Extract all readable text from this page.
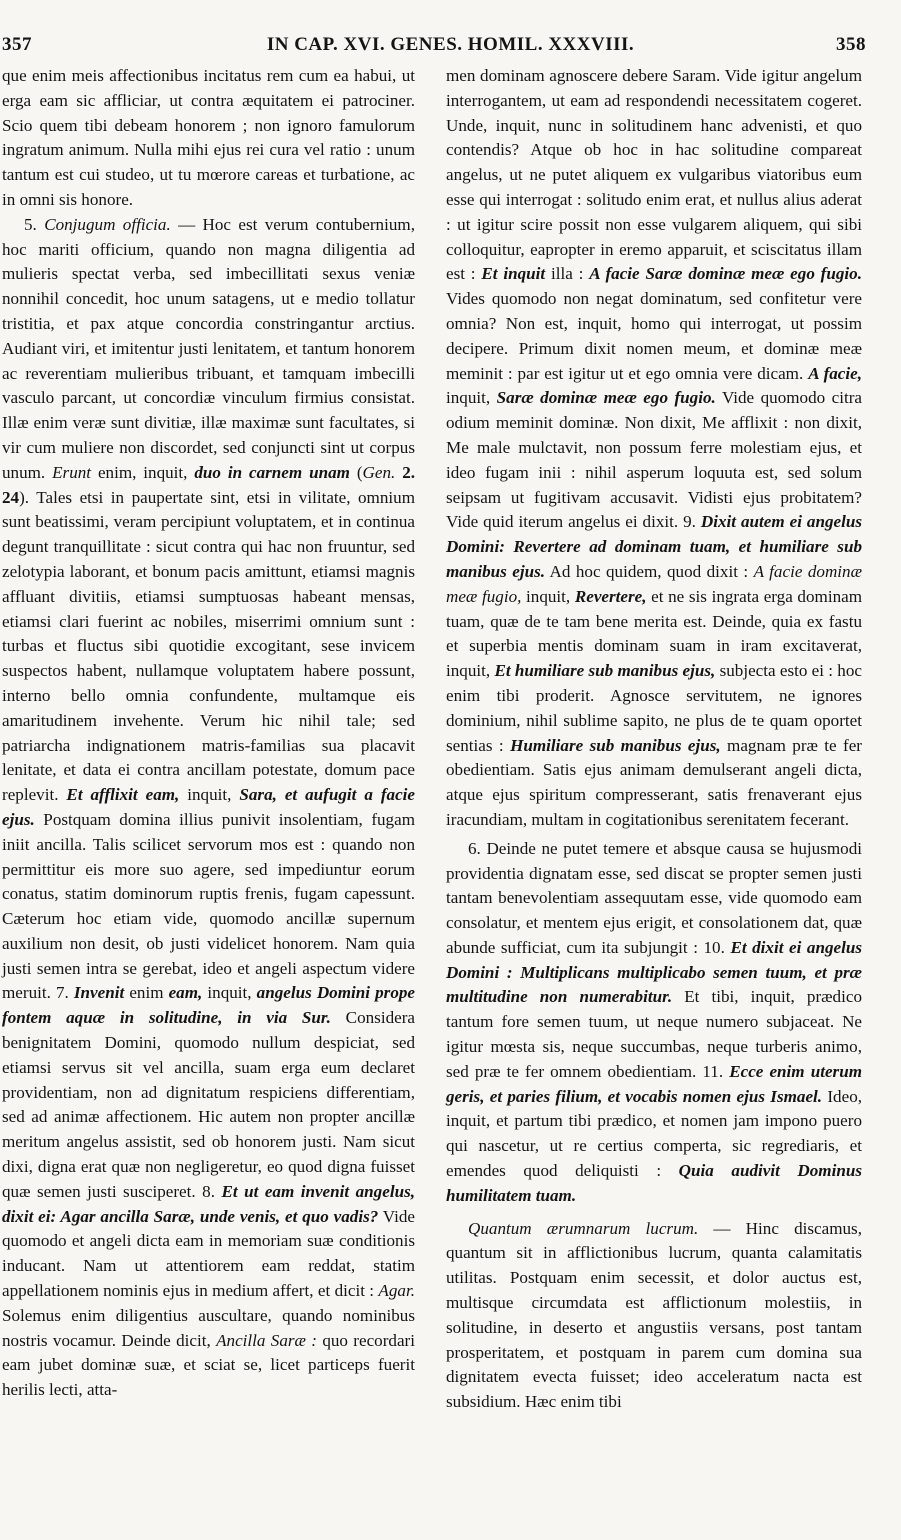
357	IN CAP. XVI. GENES. HOMIL. XXXVIII.	358

que enim meis affectionibus incitatus rem cum ea habui, ut erga eam sic affliciar, ut contra æquitatem ei patrociner. Scio quem tibi debeam honorem ; non ignoro famulorum ingratum animum. Nulla mihi ejus rei cura vel ratio : unum tantum est cui studeo, ut tu mœrore careas et turbatione, ac in omni sis honore.

5. Conjugum officia. — Hoc est verum contubernium, hoc mariti officium, quando non magna diligentia ad mulieris spectat verba, sed imbecillitati sexus veniæ nonnihil concedit, hoc unum satagens, ut e medio tollatur tristitia, et pax atque concordia constringantur arctius. Audiant viri, et imitentur justi lenitatem, et tantum honorem ac reverentiam mulieribus tribuant, et tamquam imbecilli vasculo parcant, ut concordiæ vinculum firmius consistat. Illæ enim veræ sunt divitiæ, illæ maximæ sunt facultates, si vir cum muliere non discordet, sed conjuncti sint ut corpus unum. Erunt enim, inquit, duo in carnem unam (Gen. 2. 24). Tales etsi in paupertate sint, etsi in vilitate, omnium sunt beatissimi, veram percipiunt voluptatem, et in continua degunt tranquillitate : sicut contra qui hac non fruuntur, sed zelotypia laborant, et bonum pacis amittunt, etiamsi magnis affluant divitiis, etiamsi sumptuosas habeant mensas, etiamsi clari fuerint ac nobiles, miserrimi omnium sunt : turbas et fluctus sibi quotidie excogitant, sese invicem suspectos habent, nullamque voluptatem habere possunt, interno bello omnia confundente, multamque eis amaritudinem invehente. Verum hic nihil tale; sed patriarcha indignationem matris-familias sua placavit lenitate, et data ei contra ancillam potestate, domum pace replevit. Et afflixit eam, inquit, Sara, et aufugit a facie ejus. Postquam domina illius punivit insolentiam, fugam iniit ancilla. Talis scilicet servorum mos est : quando non permittitur eis more suo agere, sed impediuntur eorum conatus, statim dominorum ruptis frenis, fugam capessunt. Cæterum hoc etiam vide, quomodo ancillæ supernum auxilium non desit, ob justi videlicet honorem. Nam quia justi semen intra se gerebat, ideo et angeli aspectum videre meruit. 7. Invenit enim eam, inquit, angelus Domini prope fontem aquæ in solitudine, in via Sur. Considera benignitatem Domini, quomodo nullum despiciat, sed etiamsi servus sit vel ancilla, suam erga eum declaret providentiam, non ad dignitatum respiciens differentiam, sed ad animæ affectionem. Hic autem non propter ancillæ meritum angelus assistit, sed ob honorem justi. Nam sicut dixi, digna erat quæ non negligeretur, eo quod digna fuisset quæ semen justi susciperet. 8. Et ut eam invenit angelus, dixit ei: Agar ancilla Saræ, unde venis, et quo vadis? Vide quomodo et angeli dicta eam in memoriam suæ conditionis inducant. Nam ut attentiorem eam reddat, statim appellationem nominis ejus in medium affert, et dicit : Agar. Solemus enim diligentius auscultare, quando nominibus nostris vocamur. Deinde dicit, Ancilla Saræ : quo recordari eam jubet dominæ suæ, et sciat se, licet particeps fuerit herilis lecti, atta-

men dominam agnoscere debere Saram. Vide igitur angelum interrogantem, ut eam ad respondendi necessitatem cogeret. Unde, inquit, nunc in solitudinem hanc advenisti, et quo contendis? Atque ob hoc in hac solitudine compareat angelus, ut ne putet aliquem ex vulgaribus viatoribus eum esse qui interrogat : solitudo enim erat, et nullus alius aderat : ut igitur scire possit non esse vulgarem aliquem, qui sibi colloquitur, eapropter in eremo apparuit, et sciscitatus illam est : Et inquit illa : A facie Saræ dominæ meæ ego fugio. Vides quomodo non negat dominatum, sed confitetur vere omnia? Non est, inquit, homo qui interrogat, ut possim decipere. Primum dixit nomen meum, et dominæ meæ meminit : par est igitur ut et ego omnia vere dicam. A facie, inquit, Saræ dominæ meæ ego fugio. Vide quomodo citra odium meminit dominæ. Non dixit, Me afflixit : non dixit, Me male mulctavit, non possum ferre molestiam ejus, et ideo fugam inii : nihil asperum loquuta est, sed solum seipsam ut fugitivam accusavit. Vidisti ejus probitatem? Vide quid iterum angelus ei dixit. 9. Dixit autem ei angelus Domini: Revertere ad dominam tuam, et humiliare sub manibus ejus. Ad hoc quidem, quod dixit : A facie dominæ meæ fugio, inquit, Revertere, et ne sis ingrata erga dominam tuam, quæ de te tam bene merita est. Deinde, quia ex fastu et superbia mentis dominam suam in iram excitaverat, inquit, Et humiliare sub manibus ejus, subjecta esto ei : hoc enim tibi proderit. Agnosce servitutem, ne ignores dominium, nihil sublime sapito, ne plus de te quam oportet sentias : Humiliare sub manibus ejus, magnam præ te fer obedientiam. Satis ejus animam demulserant angeli dicta, atque ejus spiritum compresserant, satis frenaverant ejus iracundiam, multam in cogitationibus serenitatem fecerant.

6. Deinde ne putet temere et absque causa se hujusmodi providentia dignatam esse, sed discat se propter semen justi tantam benevolentiam assequutam esse, vide quomodo eam consolatur, et mentem ejus erigit, et consolationem dat, quæ abunde sufficiat, cum ita subjungit : 10. Et dixit ei angelus Domini : Multiplicans multiplicabo semen tuum, et præ multitudine non numerabitur. Et tibi, inquit, prædico tantum fore semen tuum, ut neque numero subjaceat. Ne igitur mœsta sis, neque succumbas, neque turberis animo, sed præ te fer omnem obedientiam. 11. Ecce enim uterum geris, et paries filium, et vocabis nomen ejus Ismael. Ideo, inquit, et partum tibi prædico, et nomen jam impono puero qui nascetur, ut re certius comperta, sic regrediaris, et emendes quod deliquisti : Quia audivit Dominus humilitatem tuam.

Quantum ærumnarum lucrum. — Hinc discamus, quantum sit in afflictionibus lucrum, quanta calamitatis utilitas. Postquam enim secessit, et dolor auctus est, multisque circumdata est afflictionum molestiis, in solitudine, in deserto et angustiis versans, post tantam prosperitatem, et postquam in parem cum domina sua dignitatem evecta fuisset; ideo acceleratum nacta est subsidium. Hæc enim tibi
